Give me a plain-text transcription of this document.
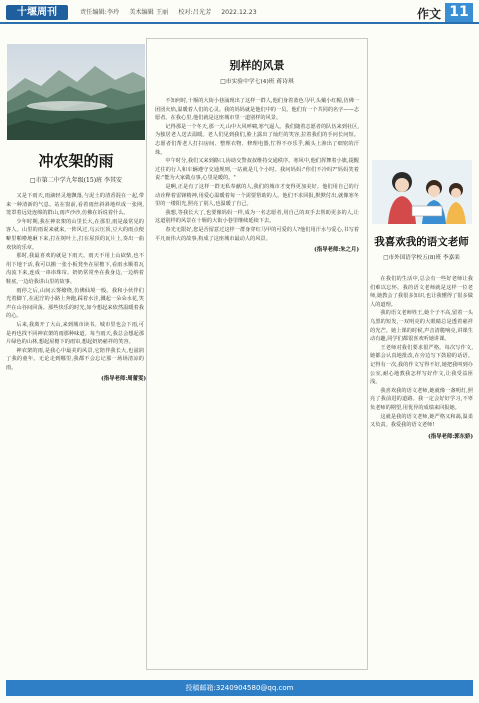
十堰周刊	责任编辑:李玲 美术编辑 王丽 校对:吕光芳 2022.12.23	作文 11
冲农架的雨
□市第二中学九年级(15)班 李其安

又是下雨天,雨滴轻灵地飘落,与泥土的清香混在一起,带来一种清新的气息。站在窗前,看着雨丝斜斜地织成一张网,笼罩着远处连绵的群山,雨声沙沙,仿佛在诉说着什么。

少年时期,我在神农架的山里长大,在那里,雨是最常见的客人。山里的雨说来就来,一阵风过,乌云压顶,豆大的雨点便噼里啪啦地砸下来,打在树叶上,打在屋顶的瓦片上,奏出一曲欢快的乐章。

那时,我最喜欢的就是下雨天。雨天不用上山砍柴,也不用下地干活,我可以搬一张小板凳坐在屋檐下,看雨水顺着瓦沟流下来,连成一串串珠帘。奶奶常常坐在我身边,一边纳着鞋底,一边给我讲山里的故事。

雨停之后,山间云雾缭绕,仿佛仙境一般。我和小伙伴们光着脚丫,在泥泞的小路上奔跑,踩着水洼,溅起一朵朵水花,笑声在山谷间回荡。那些快乐的时光,如今想起来依然温暖着我的心。

后来,我离开了大山,来到城市读书。城市里也会下雨,可是再也找不回神农架的雨那种味道。每当雨天,我总会想起那片绿色的山林,想起屋檐下的雨帘,想起奶奶慈祥的笑容。

神农架的雨,是我心中最美的风景,它陪伴我长大,也滋润了我的童年。无论走到哪里,我都不会忘记那一场场清凉的雨。

(指导老师:周蕾雯)
别样的风景
□市实验中学七(4)班 蒋诗琪

不知何时,十堰的大街小巷涌现出了这样一群人,他们身着蓝色马甲,头戴小红帽,仿佛一团团火焰,温暖着人们的心灵。我的妈妈就是他们中的一员。他们有一个共同的名字——志愿者。在我心里,他们就是这座城市里一道别样的风景。

记得那是一个冬天,那一天,山中大风呼啸,寒气逼人。我们随着志愿者的队伍来到社区,为独居老人送去温暖。老人们见到我们,脸上露出了灿烂的笑容,拉着我们的手问长问短。志愿者们帮老人打扫房间、整理衣物、修理电器,忙得不亦乐乎,额头上渗出了细密的汗珠。

中午时分,我们又来到路口,协助交警叔叔维持交通秩序。寒风中,他们挥舞着小旗,提醒过往的行人和车辆遵守交通规则,一站就是几个小时。我问妈妈:"你们不冷吗?"妈妈笑着说:"能为大家做点事,心里是暖的。"

是啊,正是有了这样一群无私奉献的人,我们的城市才变得更加美好。他们用自己的行动诠释着雷锋精神,用爱心温暖着每一个需要帮助的人。他们不求回报,默默付出,就像寒冬里的一缕阳光,照亮了别人,也温暖了自己。

我想,等我长大了,也要像妈妈一样,成为一名志愿者,用自己的双手去帮助更多的人,让这道别样的风景在十堰的大街小巷里继续延续下去。

春光无限好,您是否留意过这样一群身穿红马甲的可爱的人?他们用汗水与爱心,书写着平凡而伟大的故事,构成了这座城市最动人的风景。

(指导老师:朱之月)
我喜欢我的语文老师
□市外国语学校五(8)班 李嘉栾

在我们的生活中,总会有一些好老师让我们难以忘怀。我的语文老师就是这样一位老师,她教会了我很多知识,也让我懂得了很多做人的道理。

我的语文老师姓王,她个子不高,留着一头乌黑的短发,一双明亮的大眼睛总是透着慈祥的光芒。她上课的时候,声音清脆响亮,讲课生动有趣,同学们都很喜欢听她讲课。

王老师对我们要求很严格。每次写作文,她都会认真地批改,在旁边写下鼓励的话语。记得有一次,我的作文写得不好,她把我叫到办公室,耐心地教我怎样写好作文,让我受益匪浅。

我喜欢我的语文老师,她就像一盏明灯,照亮了我前进的道路。我一定会好好学习,不辜负老师的期望,用优异的成绩来回报她。

这就是我的语文老师,她严格又和蔼,温柔又负责。我爱我的语文老师!

(指导老师:郭东娇)
投稿邮箱:3240904580@qq.com
